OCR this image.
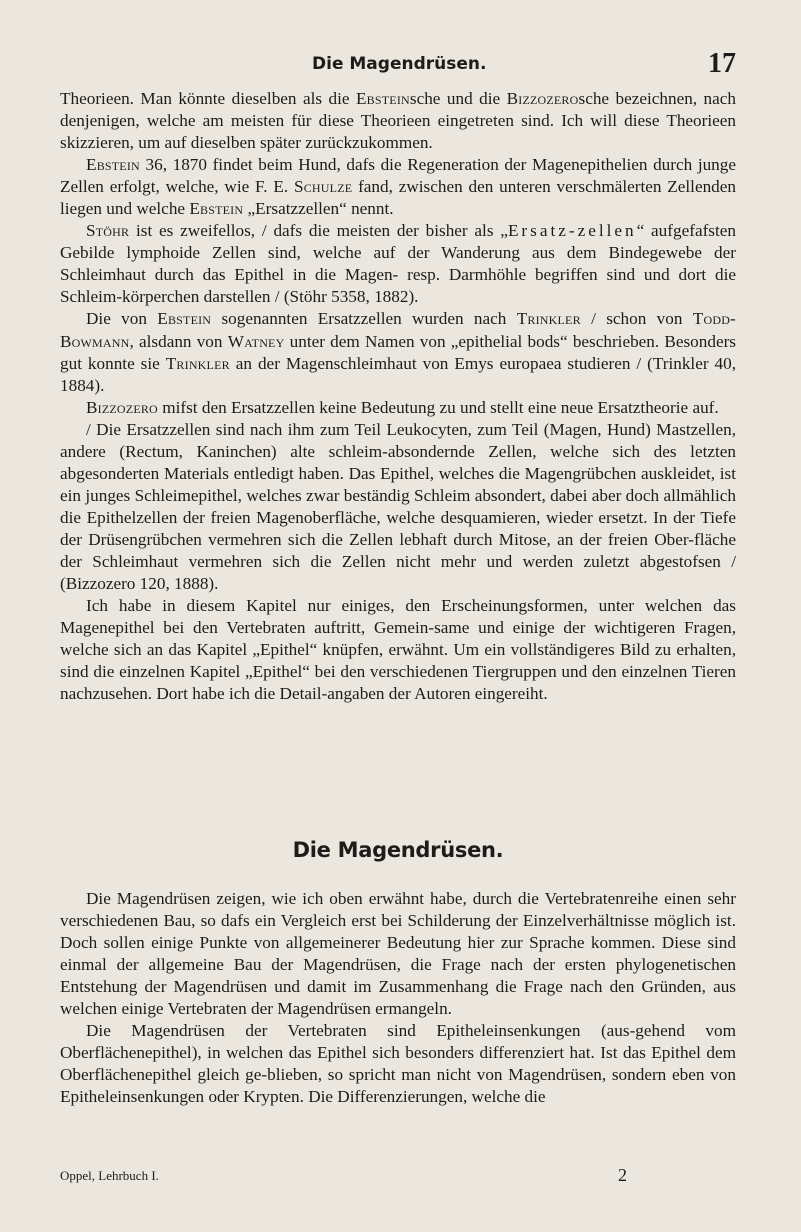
Die Magendrüsen.	17

Theorieen. Man könnte dieselben als die Ebsteinsche und die Bizzozerosche bezeichnen, nach denjenigen, welche am meisten für diese Theorieen eingetreten sind. Ich will diese Theorieen skizzieren, um auf dieselben später zurückzukommen.

Ebstein 36, 1870 findet beim Hund, dafs die Regeneration der Magenepithelien durch junge Zellen erfolgt, welche, wie F. E. Schulze fand, zwischen den unteren verschmälerten Zellenden liegen und welche Ebstein „Ersatzzellen“ nennt.

Stöhr ist es zweifellos, / dafs die meisten der bisher als „Ersatz-zellen“ aufgefafsten Gebilde lymphoide Zellen sind, welche auf der Wanderung aus dem Bindegewebe der Schleimhaut durch das Epithel in die Magen- resp. Darmhöhle begriffen sind und dort die Schleim-körperchen darstellen / (Stöhr 5358, 1882).

Die von Ebstein sogenannten Ersatzzellen wurden nach Trinkler / schon von Todd-Bowmann, alsdann von Watney unter dem Namen von „epithelial bods“ beschrieben. Besonders gut konnte sie Trinkler an der Magenschleimhaut von Emys europaea studieren / (Trinkler 40, 1884).

Bizzozero mifst den Ersatzzellen keine Bedeutung zu und stellt eine neue Ersatztheorie auf.

/ Die Ersatzzellen sind nach ihm zum Teil Leukocyten, zum Teil (Magen, Hund) Mastzellen, andere (Rectum, Kaninchen) alte schleim-absondernde Zellen, welche sich des letzten abgesonderten Materials entledigt haben. Das Epithel, welches die Magengrübchen auskleidet, ist ein junges Schleimepithel, welches zwar beständig Schleim absondert, dabei aber doch allmählich die Epithelzellen der freien Magenoberfläche, welche desquamieren, wieder ersetzt. In der Tiefe der Drüsengrübchen vermehren sich die Zellen lebhaft durch Mitose, an der freien Ober-fläche der Schleimhaut vermehren sich die Zellen nicht mehr und werden zuletzt abgestofsen / (Bizzozero 120, 1888).

Ich habe in diesem Kapitel nur einiges, den Erscheinungsformen, unter welchen das Magenepithel bei den Vertebraten auftritt, Gemein-same und einige der wichtigeren Fragen, welche sich an das Kapitel „Epithel“ knüpfen, erwähnt. Um ein vollständigeres Bild zu erhalten, sind die einzelnen Kapitel „Epithel“ bei den verschiedenen Tiergruppen und den einzelnen Tieren nachzusehen. Dort habe ich die Detail-angaben der Autoren eingereiht.

Die Magendrüsen.

Die Magendrüsen zeigen, wie ich oben erwähnt habe, durch die Vertebratenreihe einen sehr verschiedenen Bau, so dafs ein Vergleich erst bei Schilderung der Einzelverhältnisse möglich ist. Doch sollen einige Punkte von allgemeinerer Bedeutung hier zur Sprache kommen. Diese sind einmal der allgemeine Bau der Magendrüsen, die Frage nach der ersten phylogenetischen Entstehung der Magendrüsen und damit im Zusammenhang die Frage nach den Gründen, aus welchen einige Vertebraten der Magendrüsen ermangeln.

Die Magendrüsen der Vertebraten sind Epitheleinsenkungen (aus-gehend vom Oberflächenepithel), in welchen das Epithel sich besonders differenziert hat. Ist das Epithel dem Oberflächenepithel gleich ge-blieben, so spricht man nicht von Magendrüsen, sondern eben von Epitheleinsenkungen oder Krypten. Die Differenzierungen, welche die

Oppel, Lehrbuch I.	2
